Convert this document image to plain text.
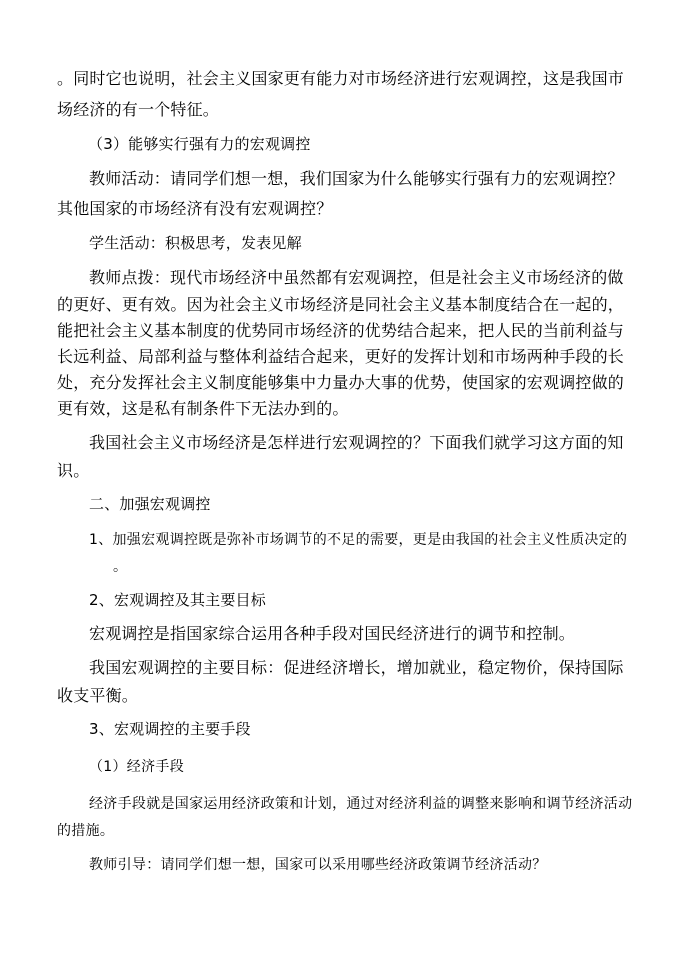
。同时它也说明，社会主义国家更有能力对市场经济进行宏观调控，这是我国市
场经济的有一个特征。
（3）能够实行强有力的宏观调控
教师活动：请同学们想一想，我们国家为什么能够实行强有力的宏观调控？
其他国家的市场经济有没有宏观调控？
学生活动：积极思考，发表见解
教师点拨：现代市场经济中虽然都有宏观调控，但是社会主义市场经济的做
的更好、更有效。因为社会主义市场经济是同社会主义基本制度结合在一起的，
能把社会主义基本制度的优势同市场经济的优势结合起来，把人民的当前利益与
长远利益、局部利益与整体利益结合起来，更好的发挥计划和市场两种手段的长
处，充分发挥社会主义制度能够集中力量办大事的优势，使国家的宏观调控做的
更有效，这是私有制条件下无法办到的。
我国社会主义市场经济是怎样进行宏观调控的？下面我们就学习这方面的知
识。
二、加强宏观调控
1、加强宏观调控既是弥补市场调节的不足的需要，更是由我国的社会主义性质决定的
。
2、宏观调控及其主要目标
宏观调控是指国家综合运用各种手段对国民经济进行的调节和控制。
我国宏观调控的主要目标：促进经济增长，增加就业，稳定物价，保持国际
收支平衡。
3、宏观调控的主要手段
（1）经济手段
经济手段就是国家运用经济政策和计划，通过对经济利益的调整来影响和调节经济活动
的措施。
教师引导：请同学们想一想，国家可以采用哪些经济政策调节经济活动？
